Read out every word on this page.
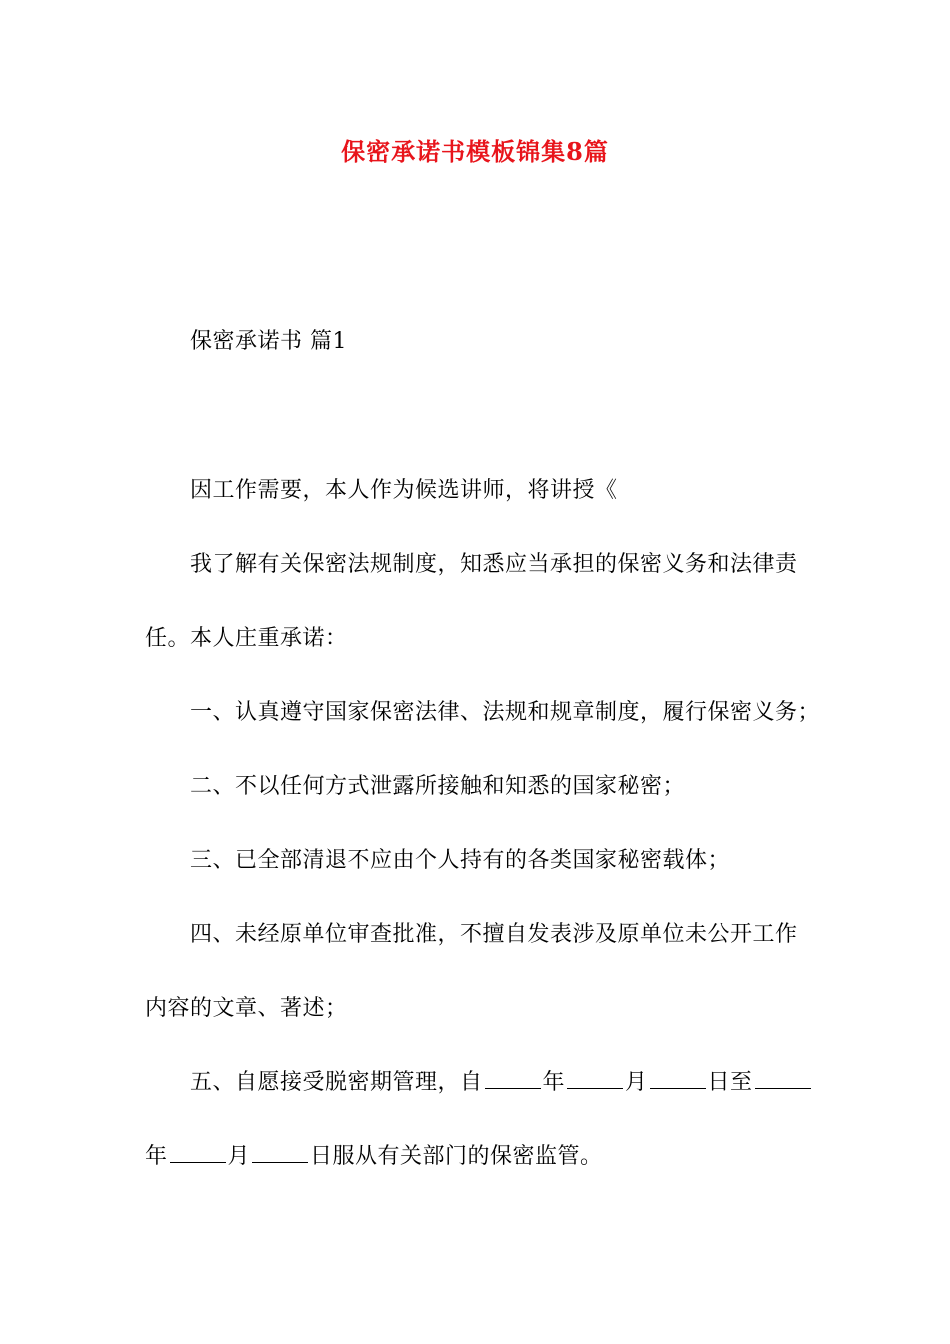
保密承诺书模板锦集8篇
保密承诺书 篇1
因工作需要，本人作为候选讲师，将讲授《
我了解有关保密法规制度，知悉应当承担的保密义务和法律责
任。本人庄重承诺：
一、认真遵守国家保密法律、法规和规章制度，履行保密义务；
二、不以任何方式泄露所接触和知悉的国家秘密；
三、已全部清退不应由个人持有的各类国家秘密载体；
四、未经原单位审查批准，不擅自发表涉及原单位未公开工作
内容的文章、著述；
五、自愿接受脱密期管理，自	年	月	日至
年	月	日服从有关部门的保密监管。
